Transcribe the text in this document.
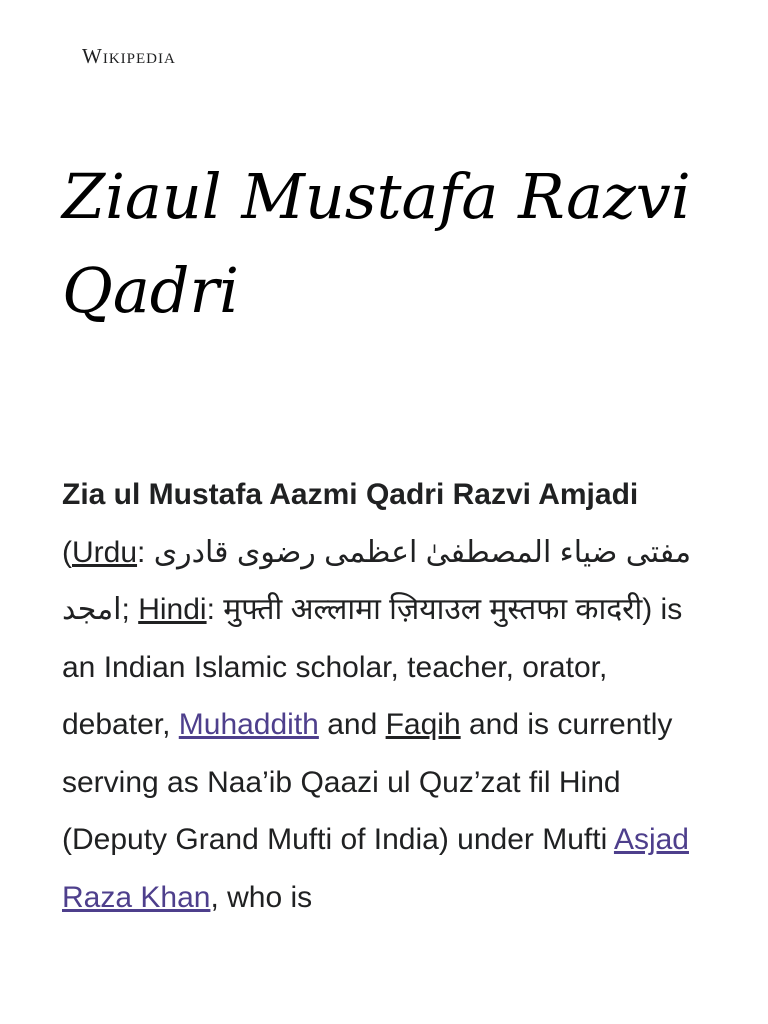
Wikipedia
Ziaul Mustafa Razvi Qadri

Zia ul Mustafa Aazmi Qadri Razvi Amjadi (Urdu: مفتی ضیاء المصطفیٰ اعظمی رضوی قادری امجد; Hindi: मुफ्ती अल्लामा ज़ियाउल मुस्तफा कादरी) is an Indian Islamic scholar, teacher, orator, debater, Muhaddith and Faqih and is currently serving as Naa’ib Qaazi ul Quz’zat fil Hind (Deputy Grand Mufti of India) under Mufti Asjad Raza Khan, who is
